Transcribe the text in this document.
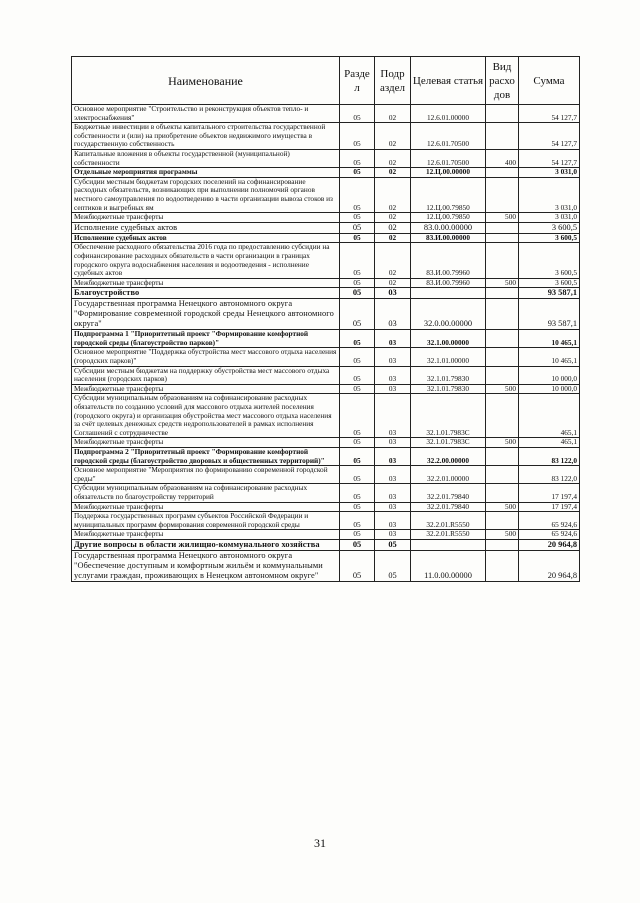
Наименование	Разде л	Подр аздел	Целевая статья	Вид расхо дов	Сумма
Основное мероприятие "Строительство и реконструкция объектов тепло- и электроснабжения"	05	02	12.6.01.00000		54 127,7
Бюджетные инвестиции в объекты капитального строительства государственной собственности и (или) на приобретение объектов недвижимого имущества в государственную собственность	05	02	12.6.01.70500		54 127,7
Капитальные вложения в объекты государственной (муниципальной) собственности	05	02	12.6.01.70500	400	54 127,7
Отдельные мероприятия программы	05	02	12.Ц.00.00000		3 031,0
Субсидии местным бюджетам городских поселений на софинансирование расходных обязательств, возникающих при выполнении полномочий органов местного самоуправления по водоотведению в части организации вывоза стоков из септиков и выгребных ям	05	02	12.Ц.00.79850		3 031,0
Межбюджетные трансферты	05	02	12.Ц.00.79850	500	3 031,0
Исполнение судебных актов	05	02	83.0.00.00000		3 600,5
Исполнение судебных актов	05	02	83.И.00.00000		3 600,5
Обеспечение расходного обязательства 2016 года по предоставлению субсидии на софинансирование расходных обязательств в части организации в границах городского округа водоснабжения населения и водоотведения - исполнение судебных актов	05	02	83.И.00.79960		3 600,5
Межбюджетные трансферты	05	02	83.И.00.79960	500	3 600,5
Благоустройство	05	03			93 587,1
Государственная программа Ненецкого автономного округа "Формирование современной городской среды Ненецкого автономного округа"	05	03	32.0.00.00000		93 587,1
Подпрограмма 1 "Приоритетный проект "Формирование комфортной городской среды (благоустройство парков)"	05	03	32.1.00.00000		10 465,1
Основное мероприятие "Поддержка обустройства мест массового отдыха населения (городских парков)"	05	03	32.1.01.00000		10 465,1
Субсидии местным бюджетам на поддержку обустройства мест массового отдыха населения (городских парков)	05	03	32.1.01.79830		10 000,0
Межбюджетные трансферты	05	03	32.1.01.79830	500	10 000,0
Субсидии муниципальным образованиям на софинансирование расходных обязательств по созданию условий для массового отдыха жителей поселения (городского округа) и организация обустройства мест массового отдыха населения за счёт целевых денежных средств недропользователей в рамках исполнения Соглашений с сотрудничестве	05	03	32.1.01.7983С		465,1
Межбюджетные трансферты	05	03	32.1.01.7983С	500	465,1
Подпрограмма 2 "Приоритетный проект "Формирование комфортной городской среды (благоустройство дворовых и общественных территорий)"	05	03	32.2.00.00000		83 122,0
Основное мероприятие "Мероприятия по формированию современной городской среды"	05	03	32.2.01.00000		83 122,0
Субсидии муниципальным образованиям на софинансирование расходных обязательств по благоустройству территорий	05	03	32.2.01.79840		17 197,4
Межбюджетные трансферты	05	03	32.2.01.79840	500	17 197,4
Поддержка государственных программ субъектов Российской Федерации и муниципальных программ формирования современной городской среды	05	03	32.2.01.R5550		65 924,6
Межбюджетные трансферты	05	03	32.2.01.R5550	500	65 924,6
Другие вопросы в области жилищно-коммунального хозяйства	05	05			20 964,8
Государственная программа Ненецкого автономного округа "Обеспечение доступным и комфортным жильём и коммунальными услугами граждан, проживающих в Ненецком автономном округе"	05	05	11.0.00.00000		20 964,8
31
